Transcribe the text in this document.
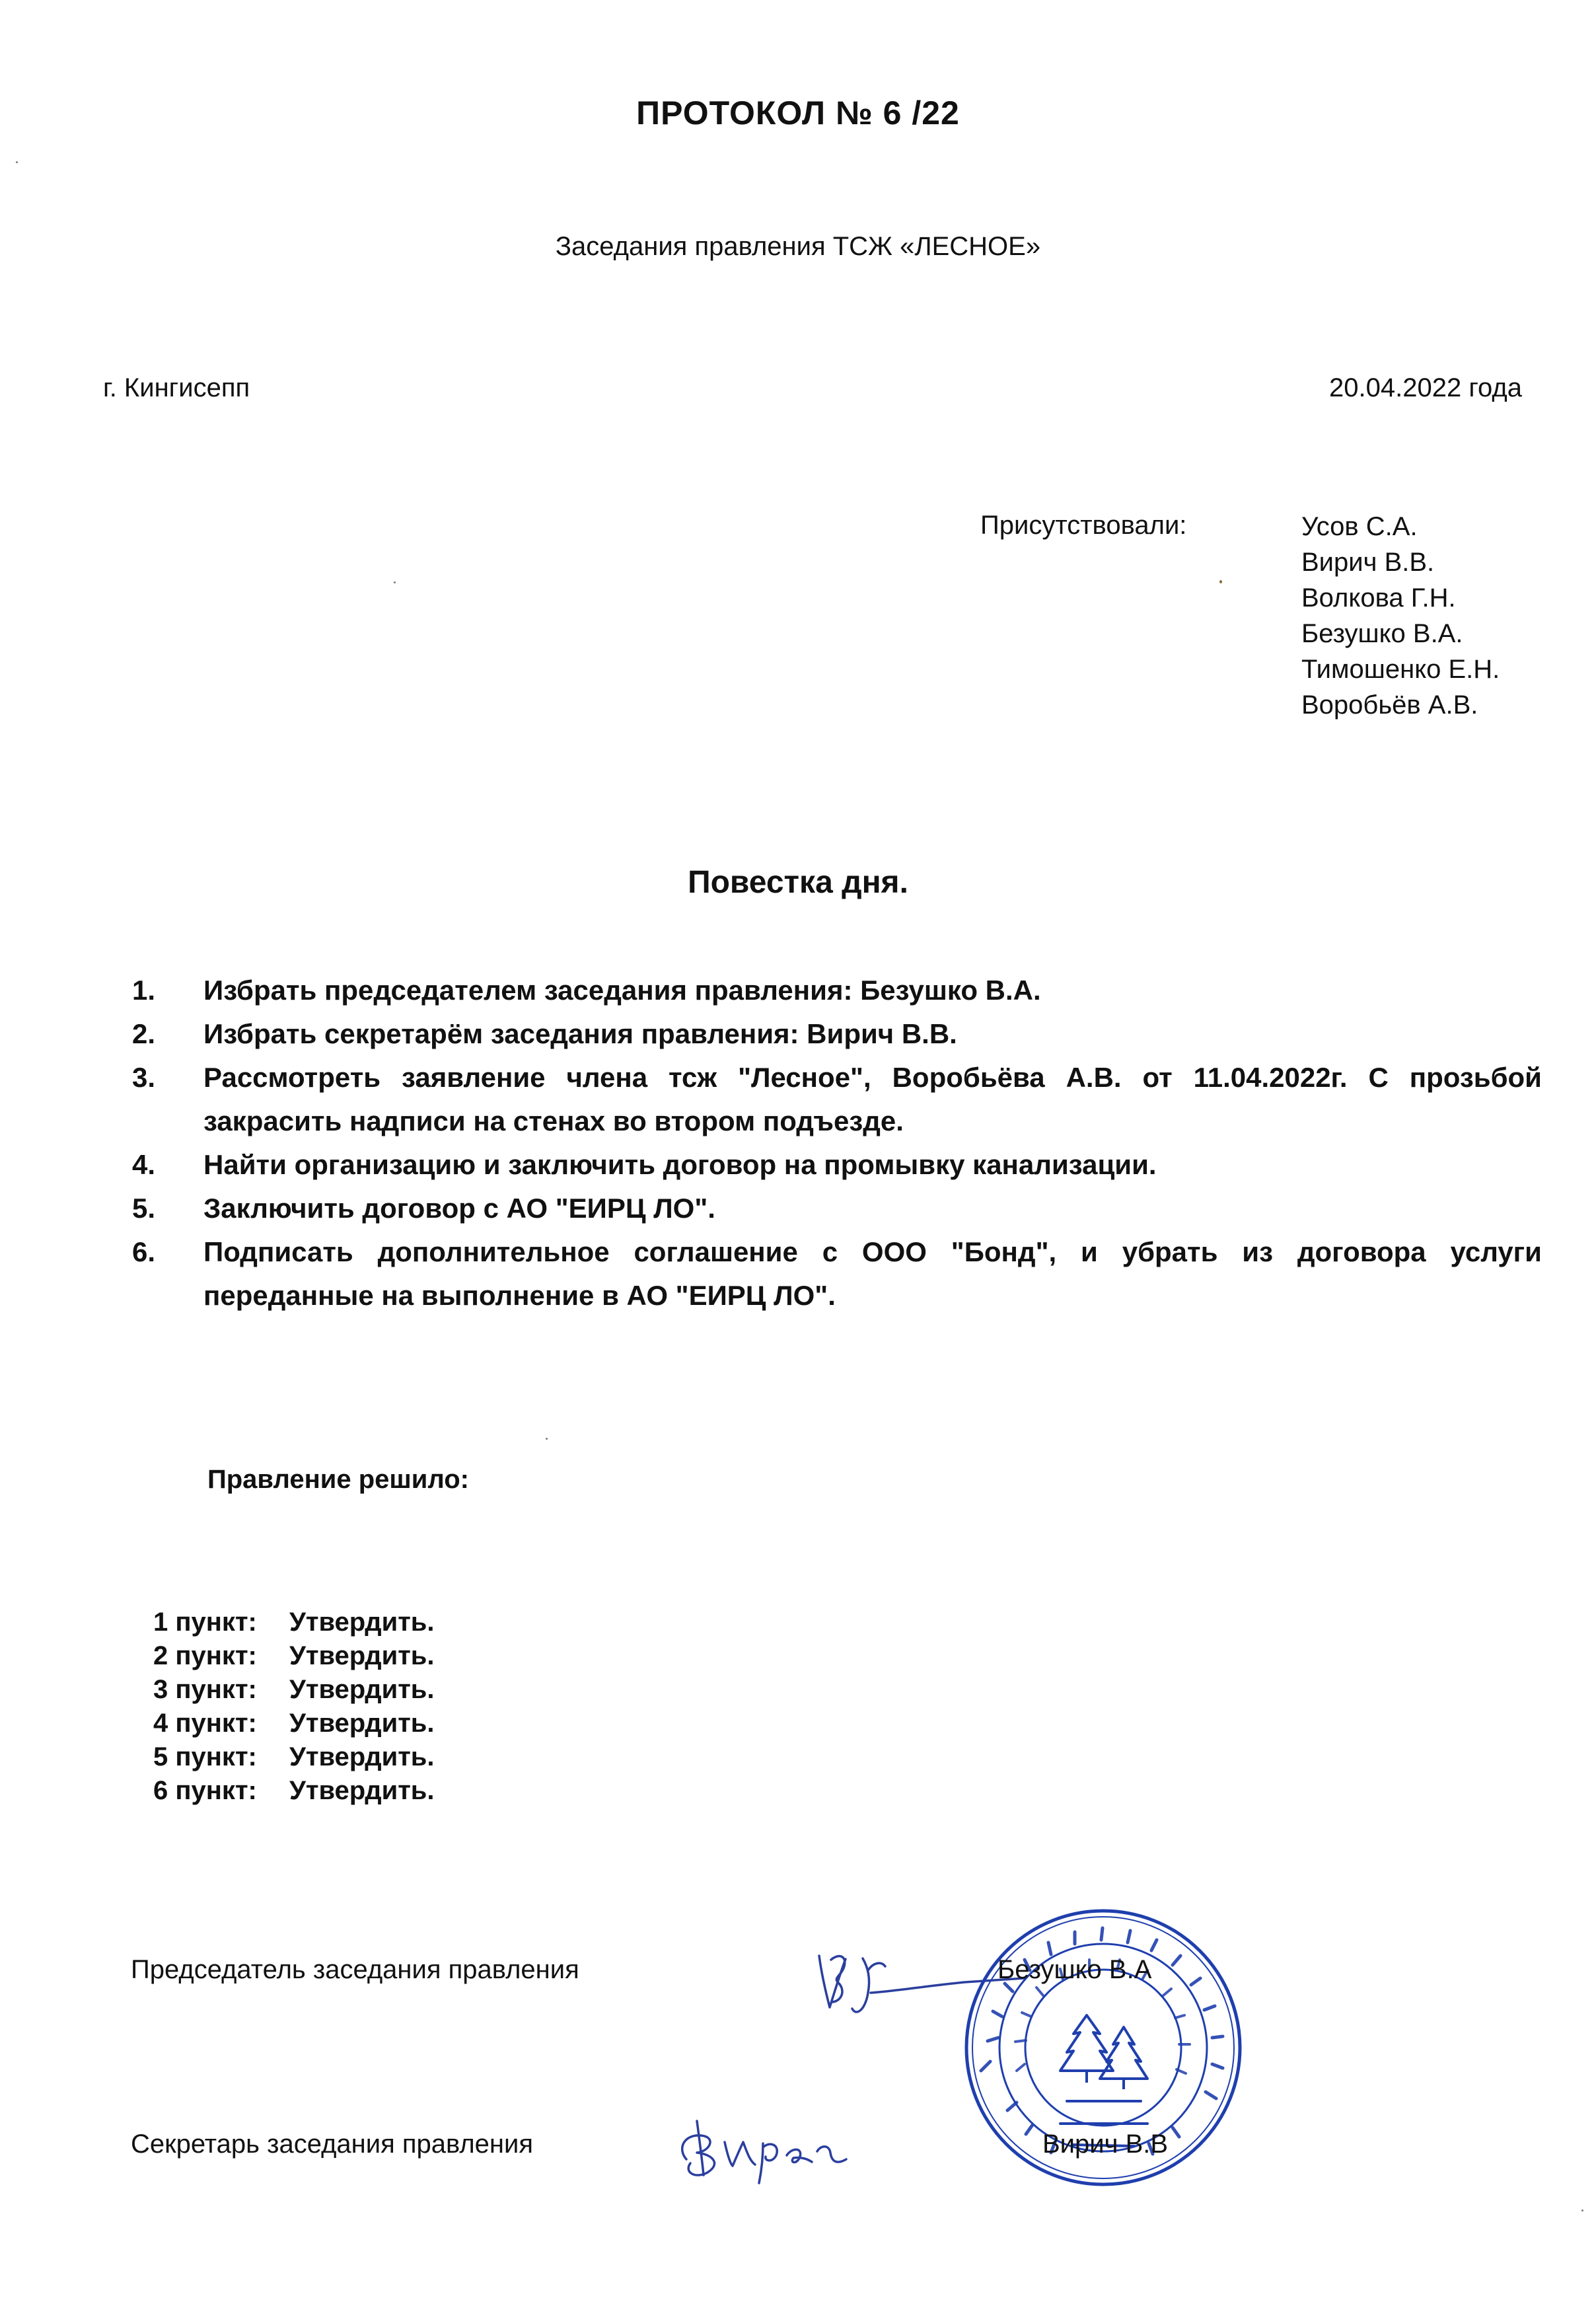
ПРОТОКОЛ № 6 /22
Заседания правления ТСЖ «ЛЕСНОЕ»
г. Кингисепп	20.04.2022 года
Присутствовали:	Усов С.А.
Вирич В.В.
Волкова Г.Н.
Безушко В.А.
Тимошенко Е.Н.
Воробьёв А.В.
Повестка дня.
1.	Избрать председателем заседания правления: Безушко В.А.
2.	Избрать секретарём заседания правления: Вирич В.В.
3.	Рассмотреть заявление члена тсж "Лесное", Воробьёва А.В. от 11.04.2022г. С прозьбой закрасить надписи на стенах во втором подъезде.
4.	Найти организацию и заключить договор на промывку канализации.
5.	Заключить договор с АО "ЕИРЦ ЛО".
6.	Подписать дополнительное соглашение с ООО "Бонд", и убрать из договора услуги переданные на выполнение в АО "ЕИРЦ ЛО".
Правление решило:
1 пункт: Утвердить.
2 пункт: Утвердить.
3 пункт: Утвердить.
4 пункт: Утвердить.
5 пункт: Утвердить.
6 пункт: Утвердить.
Председатель заседания правления
Секретарь заседания правления
Безушко В.А
Вирич В.В
